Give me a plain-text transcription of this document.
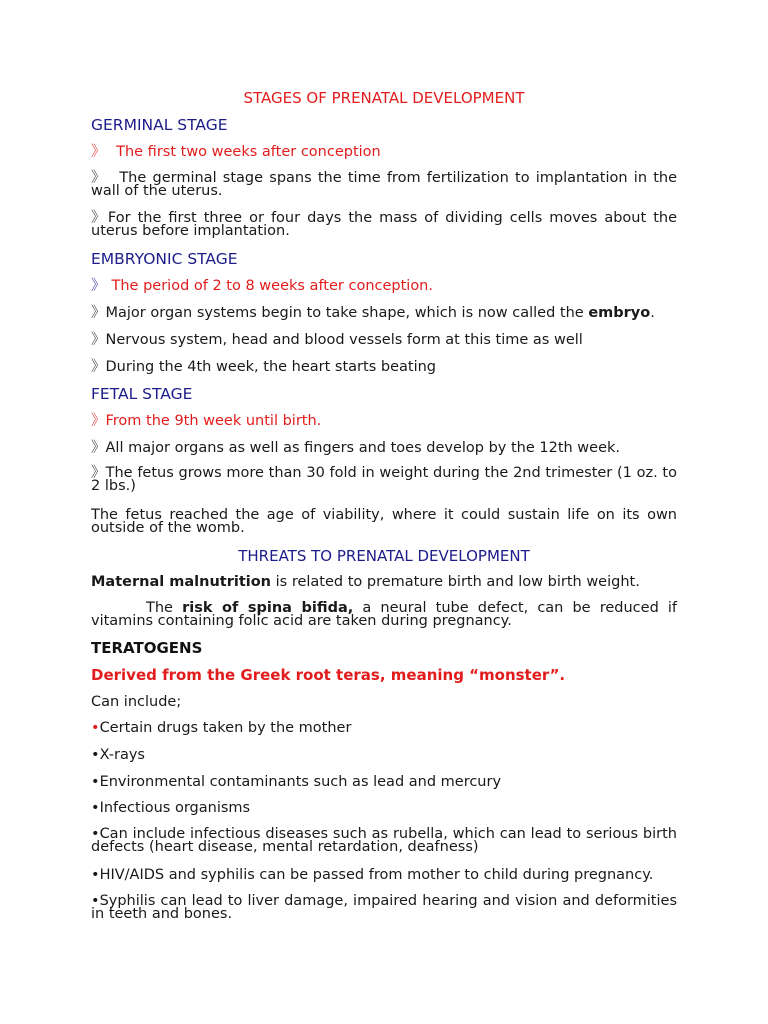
STAGES OF PRENATAL DEVELOPMENT
GERMINAL STAGE
》 The first two weeks after conception
》 The germinal stage spans the time from fertilization to implantation in the wall of the uterus.
》For the first three or four days the mass of dividing cells moves about the uterus before implantation.
EMBRYONIC STAGE
》 The period of 2 to 8 weeks after conception.
》Major organ systems begin to take shape, which is now called the embryo.
》Nervous system, head and blood vessels form at this time as well
》During the 4th week, the heart starts beating
FETAL STAGE
》From the 9th week until birth.
》All major organs as well as fingers and toes develop by the 12th week.
》The fetus grows more than 30 fold in weight during the 2nd trimester (1 oz. to 2 lbs.)
The fetus reached the age of viability, where it could sustain life on its own outside of the womb.
THREATS TO PRENATAL DEVELOPMENT
Maternal malnutrition is related to premature birth and low birth weight.
The risk of spina bifida, a neural tube defect, can be reduced if vitamins containing folic acid are taken during pregnancy.
TERATOGENS
Derived from the Greek root teras, meaning “monster”.
Can include;
•Certain drugs taken by the mother
•X-rays
•Environmental contaminants such as lead and mercury
•Infectious organisms
•Can include infectious diseases such as rubella, which can lead to serious birth defects (heart disease, mental retardation, deafness)
•HIV/AIDS and syphilis can be passed from mother to child during pregnancy.
•Syphilis can lead to liver damage, impaired hearing and vision and deformities in teeth and bones.
